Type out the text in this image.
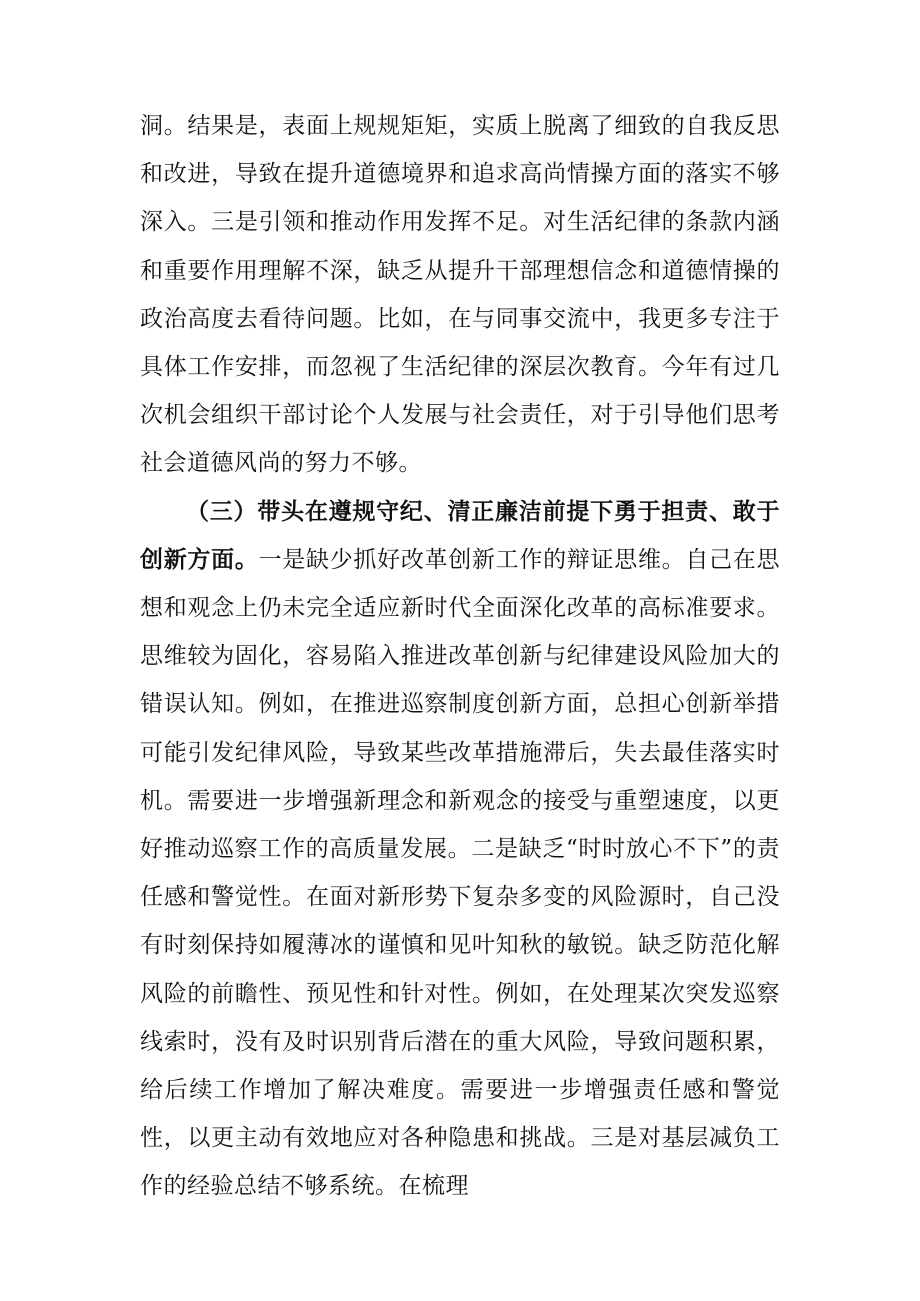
洞。结果是，表面上规规矩矩，实质上脱离了细致的自我反思和改进，导致在提升道德境界和追求高尚情操方面的落实不够深入。三是引领和推动作用发挥不足。对生活纪律的条款内涵和重要作用理解不深，缺乏从提升干部理想信念和道德情操的政治高度去看待问题。比如，在与同事交流中，我更多专注于具体工作安排，而忽视了生活纪律的深层次教育。今年有过几次机会组织干部讨论个人发展与社会责任，对于引导他们思考社会道德风尚的努力不够。

（三）带头在遵规守纪、清正廉洁前提下勇于担责、敢于创新方面。一是缺少抓好改革创新工作的辩证思维。自己在思想和观念上仍未完全适应新时代全面深化改革的高标准要求。思维较为固化，容易陷入推进改革创新与纪律建设风险加大的错误认知。例如，在推进巡察制度创新方面，总担心创新举措可能引发纪律风险，导致某些改革措施滞后，失去最佳落实时机。需要进一步增强新理念和新观念的接受与重塑速度，以更好推动巡察工作的高质量发展。二是缺乏“时时放心不下”的责任感和警觉性。在面对新形势下复杂多变的风险源时，自己没有时刻保持如履薄冰的谨慎和见叶知秋的敏锐。缺乏防范化解风险的前瞻性、预见性和针对性。例如，在处理某次突发巡察线索时，没有及时识别背后潜在的重大风险，导致问题积累，给后续工作增加了解决难度。需要进一步增强责任感和警觉性，以更主动有效地应对各种隐患和挑战。三是对基层减负工作的经验总结不够系统。在梳理
